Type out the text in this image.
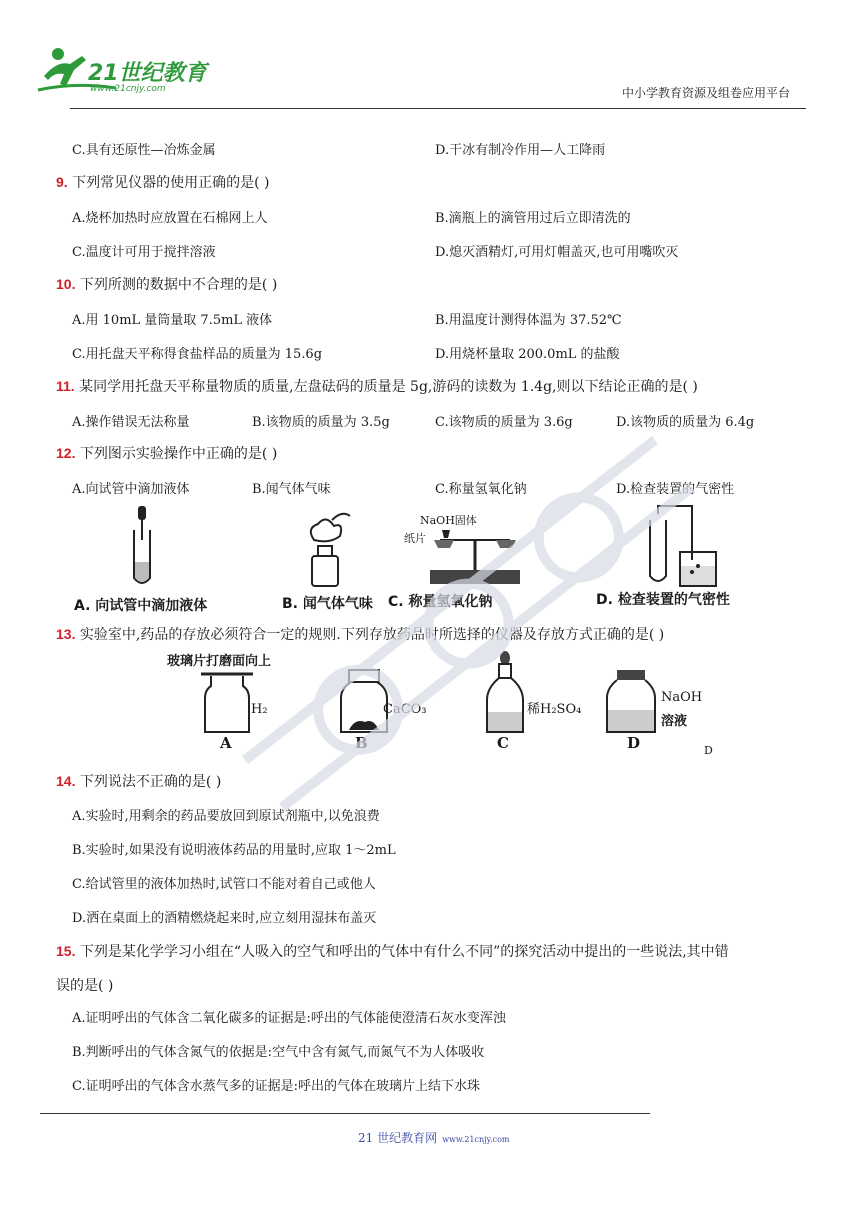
21世纪教育
www.21cnjy.com	中小学教育资源及组卷应用平台
C.具有还原性—冶炼金属	D.干冰有制冷作用—人工降雨
9. 下列常见仪器的使用正确的是( )
A.烧杯加热时应放置在石棉网上人	B.滴瓶上的滴管用过后立即清洗的
C.温度计可用于搅拌溶液	D.熄灭酒精灯,可用灯帽盖灭,也可用嘴吹灭
10. 下列所测的数据中不合理的是( )
A.用 10mL 量筒量取 7.5mL 液体	B.用温度计测得体温为 37.52℃
C.用托盘天平称得食盐样品的质量为 15.6g	D.用烧杯量取 200.0mL 的盐酸
11. 某同学用托盘天平称量物质的质量,左盘砝码的质量是 5g,游码的读数为 1.4g,则以下结论正确的是( )
A.操作错误无法称量	B.该物质的质量为 3.5g	C.该物质的质量为 3.6g	D.该物质的质量为 6.4g
12. 下列图示实验操作中正确的是( )
A.向试管中滴加液体	B.闻气体气味	C.称量氢氧化钠	D.检查装置的气密性
NaOH固体
纸片
A. 向试管中滴加液体	B. 闻气体气味 C. 称量氢氧化钠	D. 检查装置的气密性
13. 实验室中,药品的存放必须符合一定的规则.下列存放药品时所选择的仪器及存放方式正确的是( )
玻璃片打磨面向上
H₂	CaCO₃	稀H₂SO₄
NaOH
溶液
A	B	C	D	D
14. 下列说法不正确的是( )
A.实验时,用剩余的药品要放回到原试剂瓶中,以免浪费
B.实验时,如果没有说明液体药品的用量时,应取 1～2mL
C.给试管里的液体加热时,试管口不能对着自己或他人
D.洒在桌面上的酒精燃烧起来时,应立刻用湿抹布盖灭
15. 下列是某化学学习小组在“人吸入的空气和呼出的气体中有什么不同”的探究活动中提出的一些说法,其中错
误的是( )
A.证明呼出的气体含二氧化碳多的证据是:呼出的气体能使澄清石灰水变浑浊
B.判断呼出的气体含氮气的依据是:空气中含有氮气,而氮气不为人体吸收
C.证明呼出的气体含水蒸气多的证据是:呼出的气体在玻璃片上结下水珠
21 世纪教育网 www.21cnjy.com
